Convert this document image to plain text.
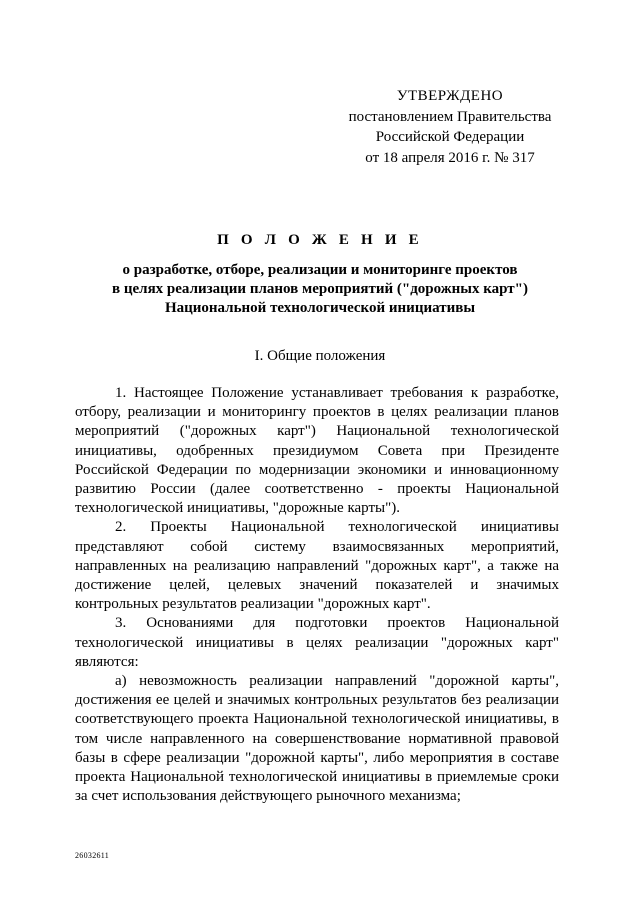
УТВЕРЖДЕНО
постановлением Правительства
Российской Федерации
от 18 апреля 2016 г. № 317
П О Л О Ж Е Н И Е
о разработке, отборе, реализации и мониторинге проектов
в целях реализации планов мероприятий ("дорожных карт")
Национальной технологической инициативы
I. Общие положения

1. Настоящее Положение устанавливает требования к разработке, отбору, реализации и мониторингу проектов в целях реализации планов мероприятий ("дорожных карт") Национальной технологической инициативы, одобренных президиумом Совета при Президенте Российской Федерации по модернизации экономики и инновационному развитию России (далее соответственно - проекты Национальной технологической инициативы, "дорожные карты").

2. Проекты Национальной технологической инициативы представляют собой систему взаимосвязанных мероприятий, направленных на реализацию направлений "дорожных карт", а также на достижение целей, целевых значений показателей и значимых контрольных результатов реализации "дорожных карт".

3. Основаниями для подготовки проектов Национальной технологической инициативы в целях реализации "дорожных карт" являются:

а) невозможность реализации направлений "дорожной карты", достижения ее целей и значимых контрольных результатов без реализации соответствующего проекта Национальной технологической инициативы, в том числе направленного на совершенствование нормативной правовой базы в сфере реализации "дорожной карты", либо мероприятия в составе проекта Национальной технологической инициативы в приемлемые сроки за счет использования действующего рыночного механизма;

26032611
